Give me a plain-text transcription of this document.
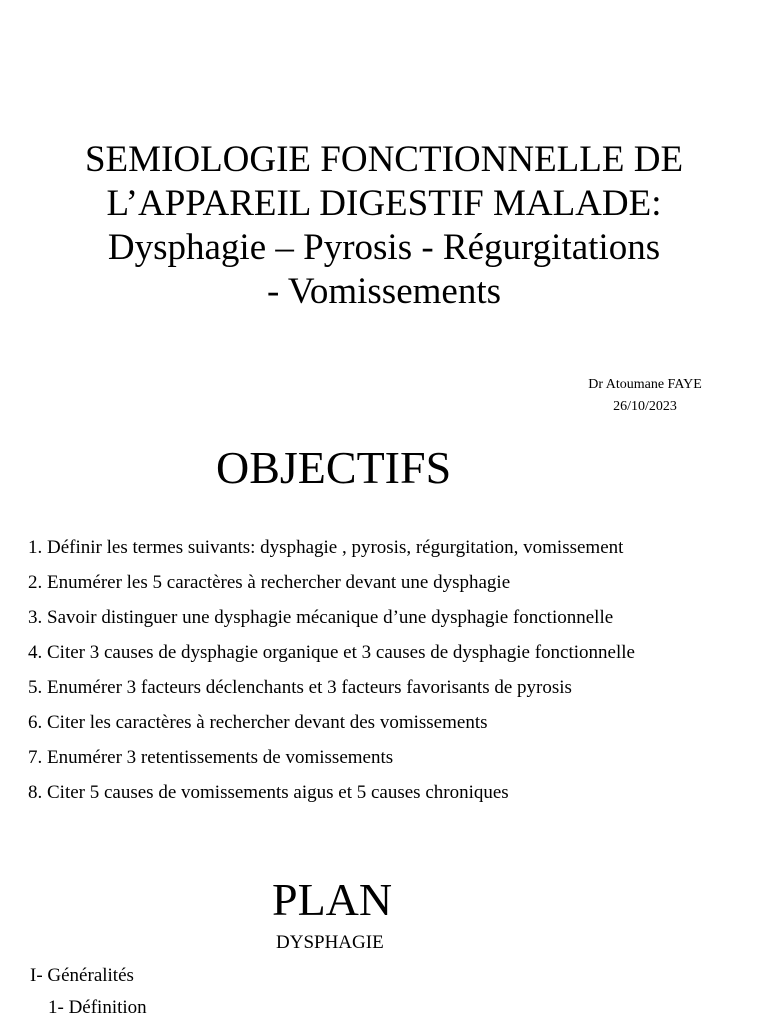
SEMIOLOGIE FONCTIONNELLE DE
L’APPAREIL DIGESTIF MALADE:
Dysphagie – Pyrosis - Régurgitations
- Vomissements
Dr Atoumane FAYE
26/10/2023
OBJECTIFS
1. Définir les termes suivants: dysphagie , pyrosis, régurgitation, vomissement
2. Enumérer les 5 caractères à rechercher devant une dysphagie
3. Savoir distinguer une dysphagie mécanique d’une dysphagie fonctionnelle
4. Citer 3 causes de dysphagie organique et 3 causes de dysphagie fonctionnelle
5. Enumérer 3 facteurs déclenchants et 3 facteurs favorisants de pyrosis
6. Citer les caractères à rechercher devant des vomissements
7. Enumérer 3 retentissements de vomissements
8. Citer 5 causes de vomissements aigus et 5 causes chroniques
PLAN
DYSPHAGIE
I- Généralités
1- Définition
